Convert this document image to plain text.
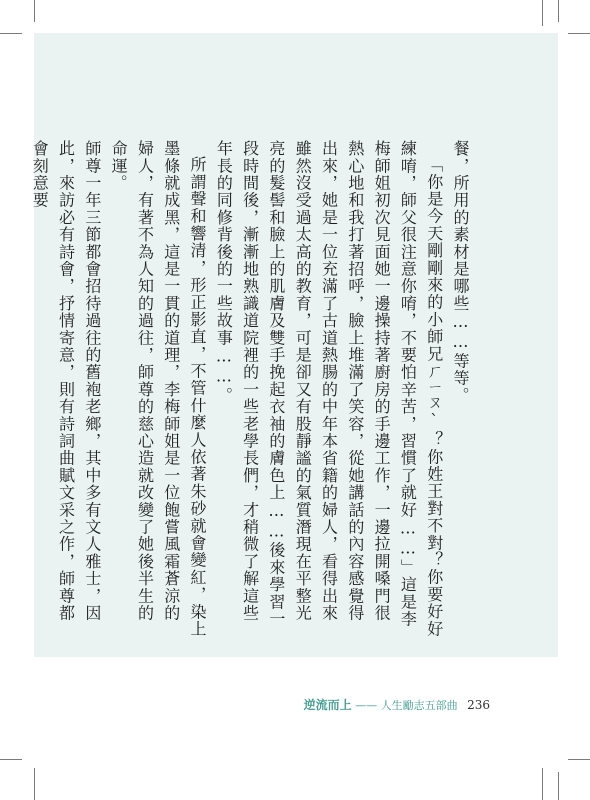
餐，所用的素材是哪些……等等。

「你是今天剛剛來的小師兄ㄏㄧㄡˋ？你姓王對不對？你要好好練唷，師父很注意你唷，不要怕辛苦，習慣了就好……」這是李梅師姐初次見面她一邊操持著廚房的手邊工作，一邊拉開嗓門很熱心地和我打著招呼，臉上堆滿了笑容，從她講話的內容感覺得出來，她是一位充滿了古道熱腸的中年本省籍的婦人，看得出來雖然沒受過太高的教育，可是卻又有股靜謐的氣質潛現在平整光亮的髮髻和臉上的肌膚及雙手挽起衣袖的膚色上……後來學習一段時間後，漸漸地熟識道院裡的一些老學長們，才稍微了解這些年長的同修背後的一些故事……。

所謂聲和響清，形正影直，不管什麼人依著朱砂就會變紅，染上墨條就成黑，這是一貫的道理，李梅師姐是一位飽嘗風霜蒼涼的婦人，有著不為人知的過往，師尊的慈心造就改變了她後半生的命運。

師尊一年三節都會招待過往的舊袍老鄉，其中多有文人雅士，因此，來訪必有詩會，抒情寄意，則有詩詞曲賦文采之作，師尊都會刻意要

逆流而上 —— 人生勵志五部曲 236
